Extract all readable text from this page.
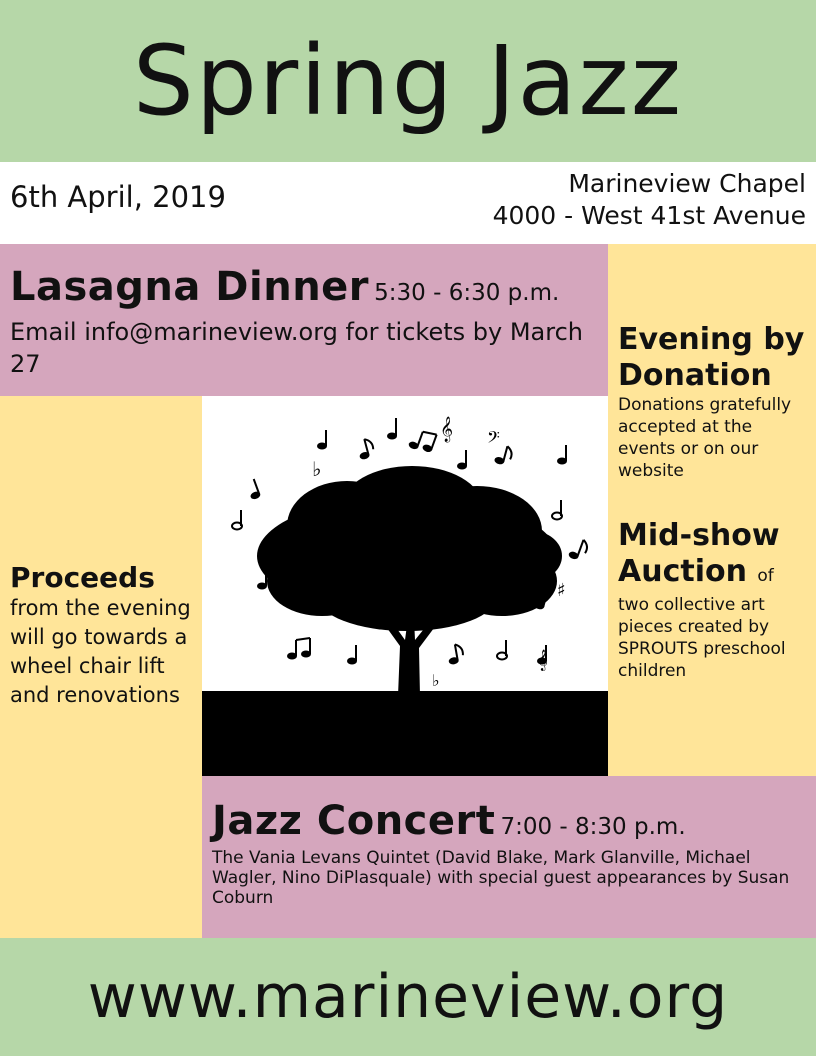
Spring Jazz
6th April, 2019	Marineview Chapel
4000 - West 41st Avenue
Lasagna Dinner 5:30 - 6:30 p.m.
Email info@marineview.org for tickets by March 27
Evening by Donation
Donations gratefully accepted at the events or on our website
Mid-show Auction of
two collective art pieces created by SPROUTS preschool children
Proceeds
from the evening will go towards a wheel chair lift and renovations
♭
𝄞 𝄢
♯
♯
♯
𝄞
♭
Jazz Concert 7:00 - 8:30 p.m.
The Vania Levans Quintet (David Blake, Mark Glanville, Michael Wagler, Nino DiPlasquale) with special guest appearances by Susan Coburn
www.marineview.org
